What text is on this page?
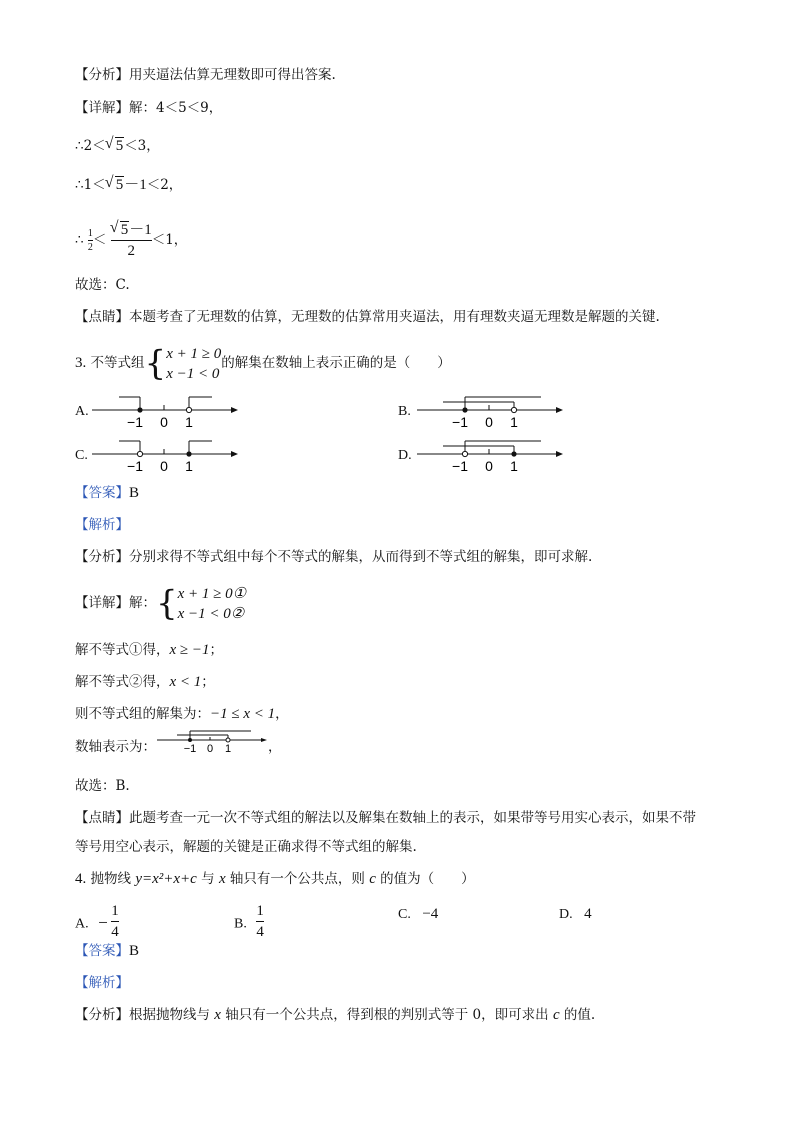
【分析】用夹逼法估算无理数即可得出答案.
【详解】解：4＜5＜9，
∴2＜ √ 5＜3，
∴1＜ √ 5－1＜2，
∴ $\frac{1}{2}$ ＜ √ $\frac{5-1}{2} <1$，
故选：C.
【点睛】本题考查了无理数的估算，无理数的估算常用夹逼法，用有理数夹逼无理数是解题的关键.
3. 不等式组{ x + 1 ≥ 0
x −1 < 0
的解集在数轴上表示正确的是（　　）
A.
−1 0 1
B.
−1 0 1
C.
−1 0 1
D.
−1 0 1
【答案】B
【解析】
【分析】分别求得不等式组中每个不等式的解集，从而得到不等式组的解集，即可求解.
【详解】解：{ x + 1 ≥ 0①
x −1 < 0②
解不等式①得，x ≥ −1；
解不等式②得，x < 1；
则不等式组的解集为：−1 ≤ x < 1，
数轴表示为：	−1 0 1	，
故选：B.
【点睛】此题考查一元一次不等式组的解法以及解集在数轴上的表示，如果带等号用实心表示，如果不带
等号用空心表示，解题的关键是正确求得不等式组的解集.
4. 抛物线 y=x²+x+c 与 x 轴只有一个公共点，则 c 的值为（　　）
A. − $\frac{1}{4}$	B. $\frac{1}{4}$	C. −4	D. 4
【答案】B
【解析】
【分析】根据抛物线与 x 轴只有一个公共点，得到根的判别式等于 0，即可求出 c 的值.
